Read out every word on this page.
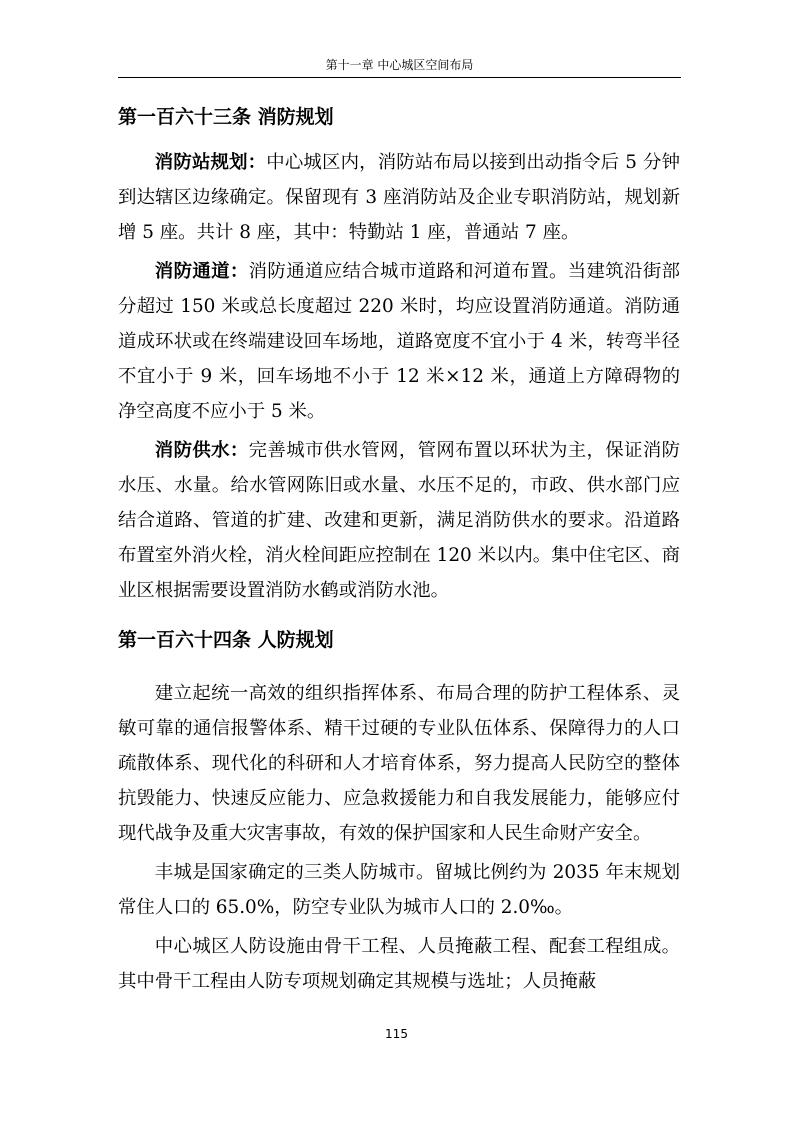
第十一章 中心城区空间布局
第一百六十三条 消防规划

消防站规划：中心城区内，消防站布局以接到出动指令后 5 分钟到达辖区边缘确定。保留现有 3 座消防站及企业专职消防站，规划新增 5 座。共计 8 座，其中：特勤站 1 座，普通站 7 座。

消防通道：消防通道应结合城市道路和河道布置。当建筑沿街部分超过 150 米或总长度超过 220 米时，均应设置消防通道。消防通道成环状或在终端建设回车场地，道路宽度不宜小于 4 米，转弯半径不宜小于 9 米，回车场地不小于 12 米×12 米，通道上方障碍物的净空高度不应小于 5 米。

消防供水：完善城市供水管网，管网布置以环状为主，保证消防水压、水量。给水管网陈旧或水量、水压不足的，市政、供水部门应结合道路、管道的扩建、改建和更新，满足消防供水的要求。沿道路布置室外消火栓，消火栓间距应控制在 120 米以内。集中住宅区、商业区根据需要设置消防水鹤或消防水池。

第一百六十四条 人防规划

建立起统一高效的组织指挥体系、布局合理的防护工程体系、灵敏可靠的通信报警体系、精干过硬的专业队伍体系、保障得力的人口疏散体系、现代化的科研和人才培育体系，努力提高人民防空的整体抗毁能力、快速反应能力、应急救援能力和自我发展能力，能够应付现代战争及重大灾害事故，有效的保护国家和人民生命财产安全。

丰城是国家确定的三类人防城市。留城比例约为 2035 年末规划常住人口的 65.0%，防空专业队为城市人口的 2.0‰。

中心城区人防设施由骨干工程、人员掩蔽工程、配套工程组成。其中骨干工程由人防专项规划确定其规模与选址；人员掩蔽

115
